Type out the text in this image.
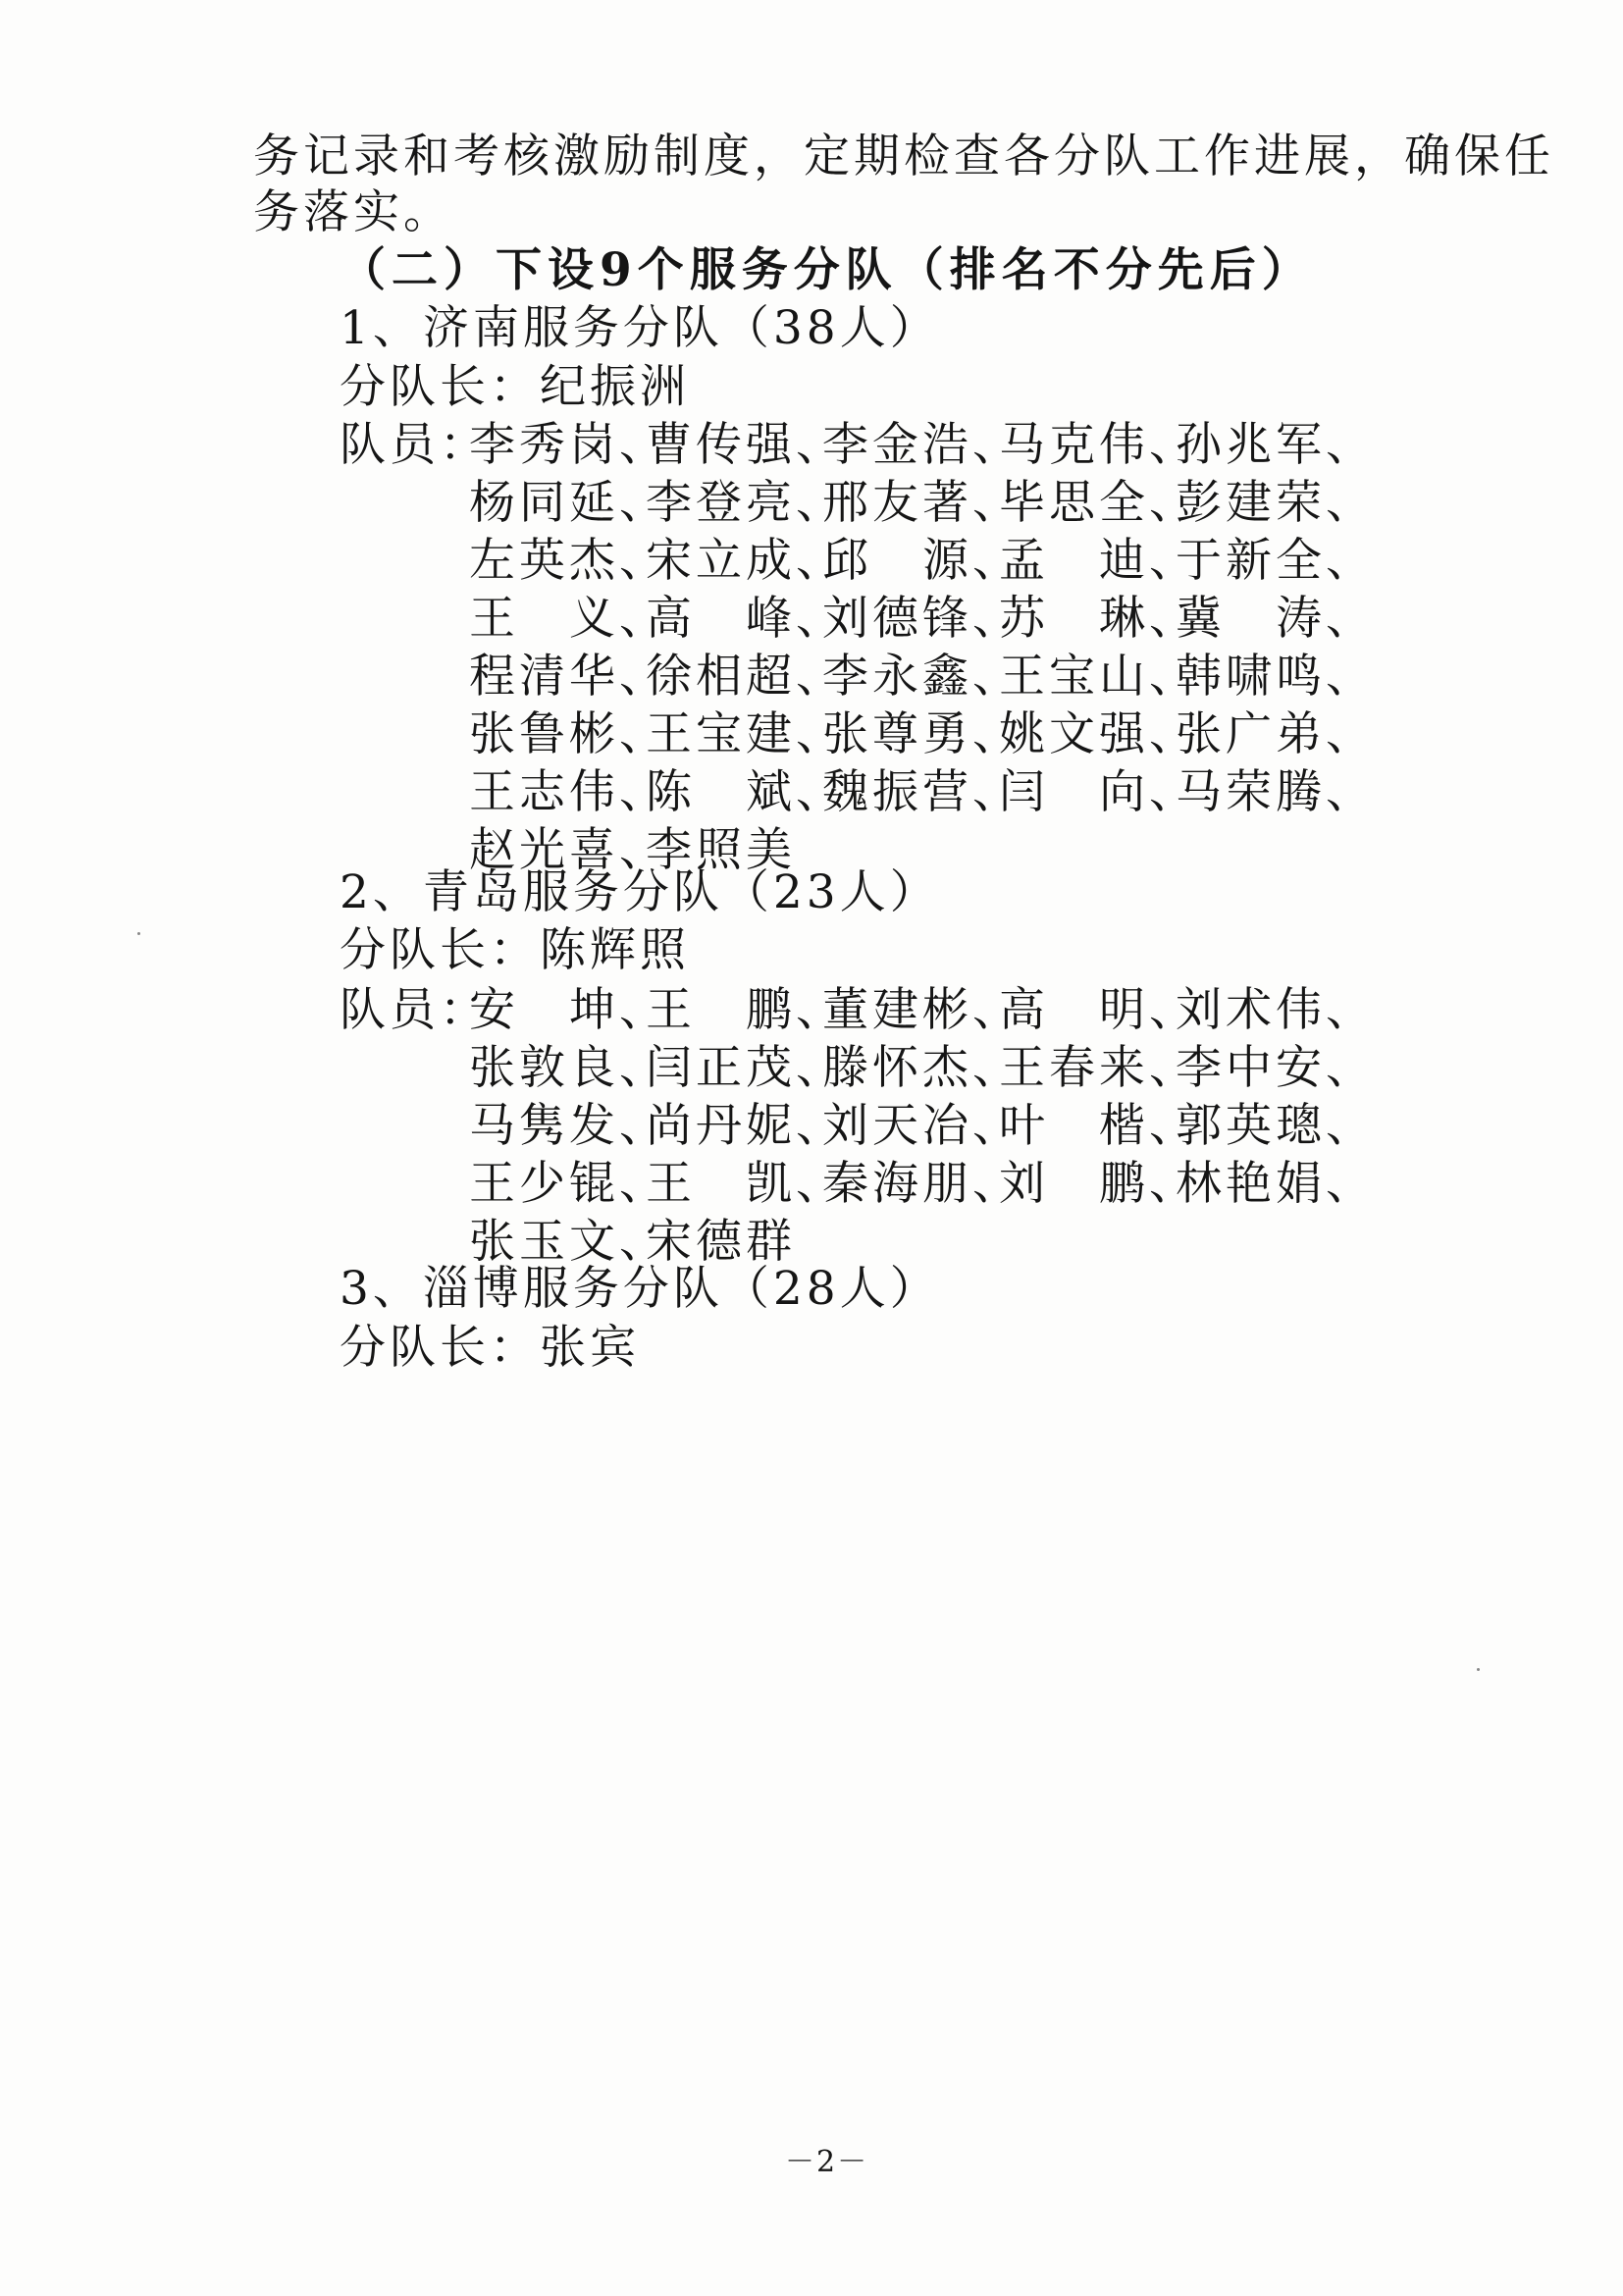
务记录和考核激励制度，定期检查各分队工作进展，确保任
务落实。
（二）下设9个服务分队（排名不分先后）
1、济南服务分队（38人）
分队长：纪振洲
队员：
李秀岗、曹传强、李金浩、马克伟、孙兆军、
杨同延、李登亮、邢友著、毕思全、彭建荣、
左英杰、宋立成、邱　源、孟　迪、于新全、
王　义、高　峰、刘德锋、苏　琳、冀　涛、
程清华、徐相超、李永鑫、王宝山、韩啸鸣、
张鲁彬、王宝建、张尊勇、姚文强、张广弟、
王志伟、陈　斌、魏振营、闫　向、马荣腾、
赵光喜、李照美
2、青岛服务分队（23人）
分队长：陈辉照
队员：
安　坤、王　鹏、董建彬、高　明、刘术伟、
张敦良、闫正茂、滕怀杰、王春来、李中安、
马隽发、尚丹妮、刘天冶、叶　楷、郭英璁、
王少锟、王　凯、秦海朋、刘　鹏、林艳娟、
张玉文、宋德群
3、淄博服务分队（28人）
分队长：张宾
－2－
